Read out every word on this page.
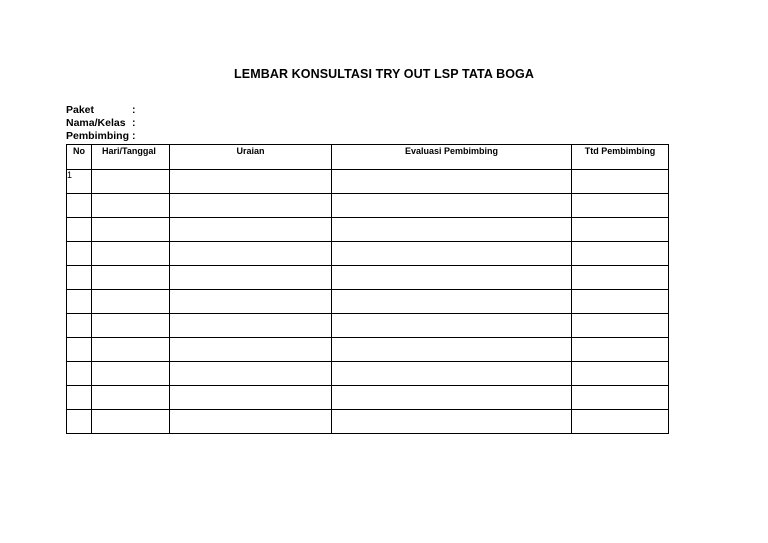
LEMBAR KONSULTASI TRY OUT LSP TATA BOGA
Paket	:
Nama/Kelas :
Pembimbing :
No	Hari/Tanggal	Uraian	Evaluasi Pembimbing	Ttd Pembimbing
1				
